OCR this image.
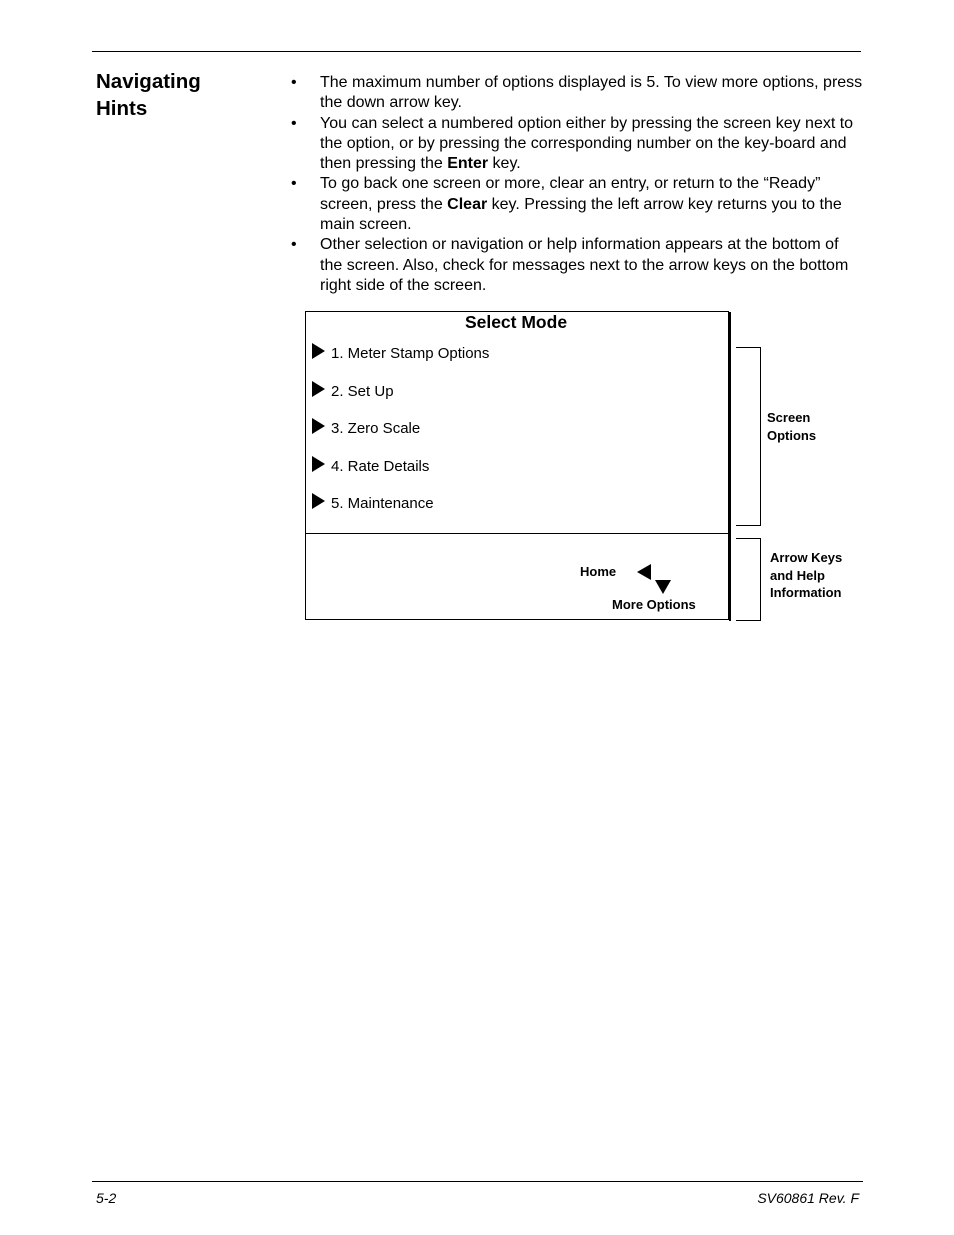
Navigating
Hints
• The maximum number of options displayed is 5. To view more options, press the down arrow key.
• You can select a numbered option either by pressing the screen key next to the option, or by pressing the corresponding number on the key-board and then pressing the Enter key.
• To go back one screen or more, clear an entry, or return to the “Ready” screen, press the Clear key. Pressing the left arrow key returns you to the main screen.
• Other selection or navigation or help information appears at the bottom of the screen. Also, check for messages next to the arrow keys on the bottom right side of the screen.
Select Mode
1. Meter Stamp Options
2. Set Up
3. Zero Scale
4. Rate Details
5. Maintenance
Home
More Options
Screen
Options
Arrow Keys
and Help
Information
5-2	SV60861 Rev. F
